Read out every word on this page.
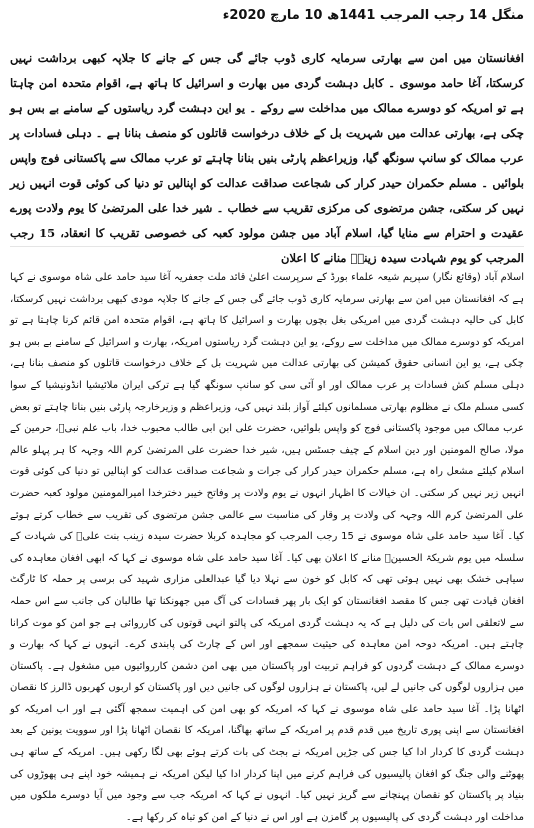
منگل 14 رجب المرجب 1441ھ 10 مارچ 2020ء

افغانستان میں امن سے بھارتی سرمایہ کاری ڈوب جائے گی جس کے جانے کا جلاپہ کبھی برداشت نہیں کرسکتا، آغا حامد موسوی ۔ کابل دہشت گردی میں بھارت و اسرائیل کا ہاتھ ہے، اقوام متحدہ امن چاہتا ہے تو امریکہ کو دوسرے ممالک میں مداخلت سے روکے ۔ یو این دہشت گرد ریاستوں کے سامنے بے بس ہو چکی ہے، بھارتی عدالت میں شہریت بل کے خلاف درخواست قاتلوں کو منصف بنانا ہے ۔ دہلی فسادات پر عرب ممالک کو سانپ سونگھ گیا، وزیراعظم پارٹی بنیں بنانا چاہتے تو عرب ممالک سے پاکستانی فوج واپس بلوائیں ۔ مسلم حکمران حیدر کرار کی شجاعت صداقت عدالت کو اپنالیں تو دنیا کی کوئی قوت انہیں زیر نہیں کر سکتی، جشن مرتضوی کی مرکزی تقریب سے خطاب ۔ شیر خدا علی المرتضیٰ کا یوم ولادت پورے عقیدت و احترام سے منایا گیا، اسلام آباد میں جشن مولود کعبہ کی خصوصی تقریب کا انعقاد، 15 رجب المرجب کو یوم شہادت سیدہ زینبؑ منانے کا اعلان

اسلام آباد (وقائع نگار) سپریم شیعہ علماء بورڈ کے سرپرست اعلیٰ قائد ملت جعفریہ آغا سید حامد علی شاہ موسوی نے کہا ہے کہ افغانستان میں امن سے بھارتی سرمایہ کاری ڈوب جائے گی جس کے جانے کا جلاپہ مودی کبھی برداشت نہیں کرسکتا، کابل کی حالیہ دہشت گردی میں امریکی بغل بچوں بھارت و اسرائیل کا ہاتھ ہے، اقوام متحدہ امن قائم کرنا چاہتا ہے تو امریکہ کو دوسرے ممالک میں مداخلت سے روکے، یو این دہشت گرد ریاستوں امریکہ، بھارت و اسرائیل کے سامنے بے بس ہو چکی ہے، یو این انسانی حقوق کمیشن کی بھارتی عدالت میں شہریت بل کے خلاف درخواست قاتلوں کو منصف بنانا ہے، دہلی مسلم کش فسادات پر عرب ممالک اور او آئی سی کو سانپ سونگھ گیا ہے ترکی ایران ملائیشیا انڈونیشیا کے سوا کسی مسلم ملک نے مظلوم بھارتی مسلمانوں کیلئے آواز بلند نہیں کی، وزیراعظم و وزیرخارجہ پارٹی بنیں بنانا چاہتے تو بعض عرب ممالک میں موجود پاکستانی فوج کو واپس بلوائیں، حضرت علی ابن ابی طالب محبوب خدا، باب علم نبیؐ، حرمین کے مولا، صالح المومنین اور دین اسلام کے چیف جسٹس ہیں، شیر خدا حضرت علی المرتضیٰ کرم اللہ وجہہ کا ہر پہلو عالم اسلام کیلئے مشعل راہ ہے، مسلم حکمران حیدر کرار کی جرات و شجاعت صداقت عدالت کو اپنالیں تو دنیا کی کوئی قوت انہیں زیر نہیں کر سکتی۔ ان خیالات کا اظہار انہوں نے یوم ولادت پر وفاتح خیبر دخترخدا امیرالمومنین مولود کعبہ حضرت علی المرتضیٰ کرم اللہ وجہہ کی ولادت پر وقار کی مناسبت سے عالمی جشن مرتضوی کی تقریب سے خطاب کرتے ہوئے کیا۔ آغا سید حامد علی شاہ موسوی نے 15 رجب المرجب کو مجاہدہ کربلا حضرت سیدہ زینب بنت علیؑ کی شہادت کے سلسلہ میں یوم شریکۃ الحسینؑ منانے کا اعلان بھی کیا۔ آغا سید حامد علی شاہ موسوی نے کہا کہ ابھی افغان معاہدہ کی سیاہی خشک بھی نہیں ہوئی تھی کہ کابل کو خون سے نہلا دیا گیا عبدالعلی مزاری شہید کی برسی پر حملہ کا ٹارگٹ افغان قیادت تھی جس کا مقصد افغانستان کو ایک بار پھر فسادات کی آگ میں جھونکنا تھا طالبان کی جانب سے اس حملہ سے لاتعلقی اس بات کی دلیل ہے کہ یہ دہشت گردی امریکہ کی پالتو انہی قوتوں کی کارروائی ہے جو امن کو موت کرانا چاہتے ہیں۔ امریکہ دوحہ امن معاہدہ کی حیثیت سمجھے اور اس کے چارٹ کی پابندی کرے۔ انہوں نے کہا کہ بھارت و دوسرے ممالک کے دہشت گردوں کو فراہم تربیت اور پاکستان میں بھی امن دشمن کارروائیوں میں مشغول ہے۔ پاکستان میں ہزاروں لوگوں کی جانیں لے لیں، پاکستان نے ہزاروں لوگوں کی جانیں دیں اور پاکستان کو اربوں کھربوں ڈالرز کا نقصان اٹھانا پڑا۔ آغا سید حامد علی شاہ موسوی نے کہا کہ امریکہ کو بھی امن کی اہمیت سمجھ آگئی ہے اور اب امریکہ کو افغانستان سے اپنی پوری تاریخ میں قدم قدم پر امریکہ کے ساتھ بھاگنا، امریکہ کا نقصان اٹھانا پڑا اور سوویت یونین کے بعد دہشت گردی کا کردار ادا کیا جس کی جڑیں امریکہ نے بجٹ کی بات کرتے ہوئے بھی لگا رکھی ہیں۔ امریکہ کے ساتھ ہی پھوٹنے والی جنگ کو افغان پالیسیوں کی فراہم کرنے میں اپنا کردار ادا کیا لیکن امریکہ نے ہمیشہ خود اپنے ہی پھوڑوں کی بنیاد پر پاکستان کو نقصان پہنچانے سے گریز نہیں کیا۔ انہوں نے کہا کہ امریکہ جب سے وجود میں آیا دوسرے ملکوں میں مداخلت اور دہشت گردی کی پالیسیوں پر گامزن ہے اور اس نے دنیا کے امن کو تباہ کر رکھا ہے۔
